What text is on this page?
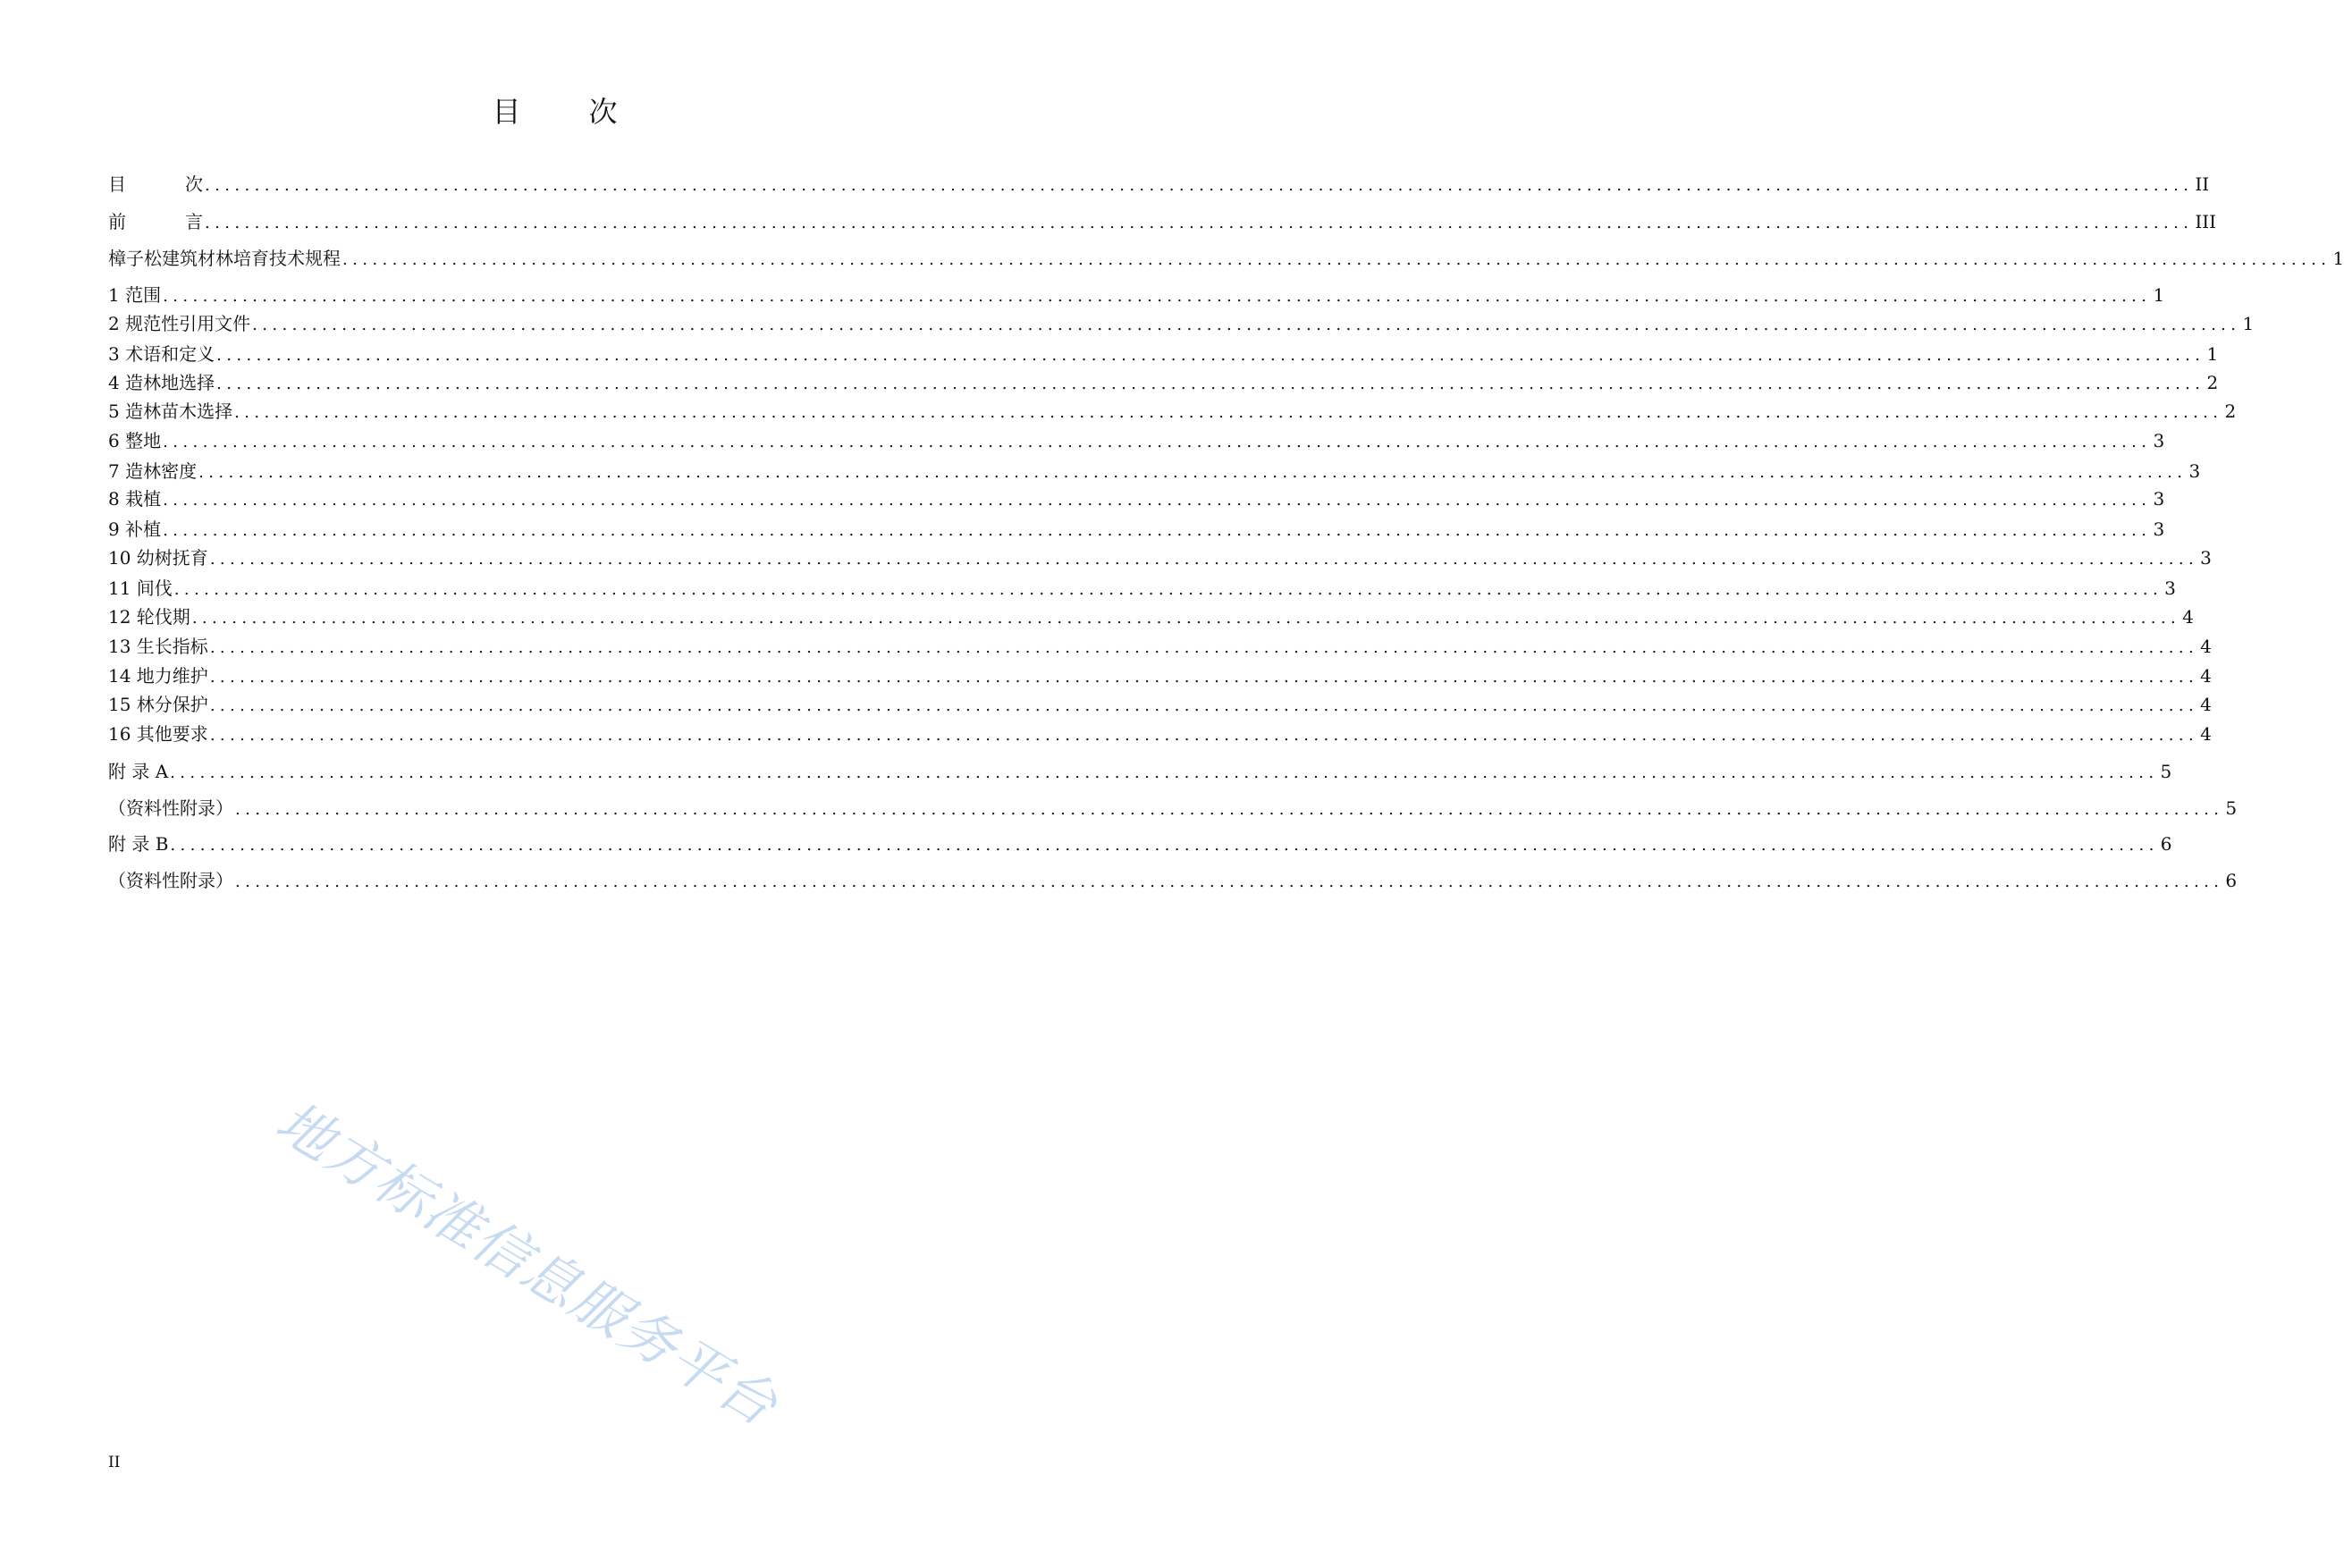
目 次
目	次 ........................................................................................................................................................................................................ II
前	言 ........................................................................................................................................................................................................ III
樟子松建筑材林培育技术规程 ........................................................................................................................................................................................................ 1
1 范围 ........................................................................................................................................................................................................ 1
2 规范性引用文件 ........................................................................................................................................................................................................ 1
3 术语和定义 ........................................................................................................................................................................................................ 1
4 造林地选择 ........................................................................................................................................................................................................ 2
5 造林苗木选择 ........................................................................................................................................................................................................ 2
6 整地 ........................................................................................................................................................................................................ 3
7 造林密度 ........................................................................................................................................................................................................ 3
8 栽植 ........................................................................................................................................................................................................ 3
9 补植 ........................................................................................................................................................................................................ 3
10 幼树抚育 ........................................................................................................................................................................................................ 3
11 间伐 ........................................................................................................................................................................................................ 3
12 轮伐期 ........................................................................................................................................................................................................ 4
13 生长指标 ........................................................................................................................................................................................................ 4
14 地力维护 ........................................................................................................................................................................................................ 4
15 林分保护 ........................................................................................................................................................................................................ 4
16 其他要求 ........................................................................................................................................................................................................ 4
附 录 A ........................................................................................................................................................................................................ 5
（资料性附录） ........................................................................................................................................................................................................ 5
附 录 B ........................................................................................................................................................................................................ 6
（资料性附录） ........................................................................................................................................................................................................ 6
II
地方标准信息服务平台
